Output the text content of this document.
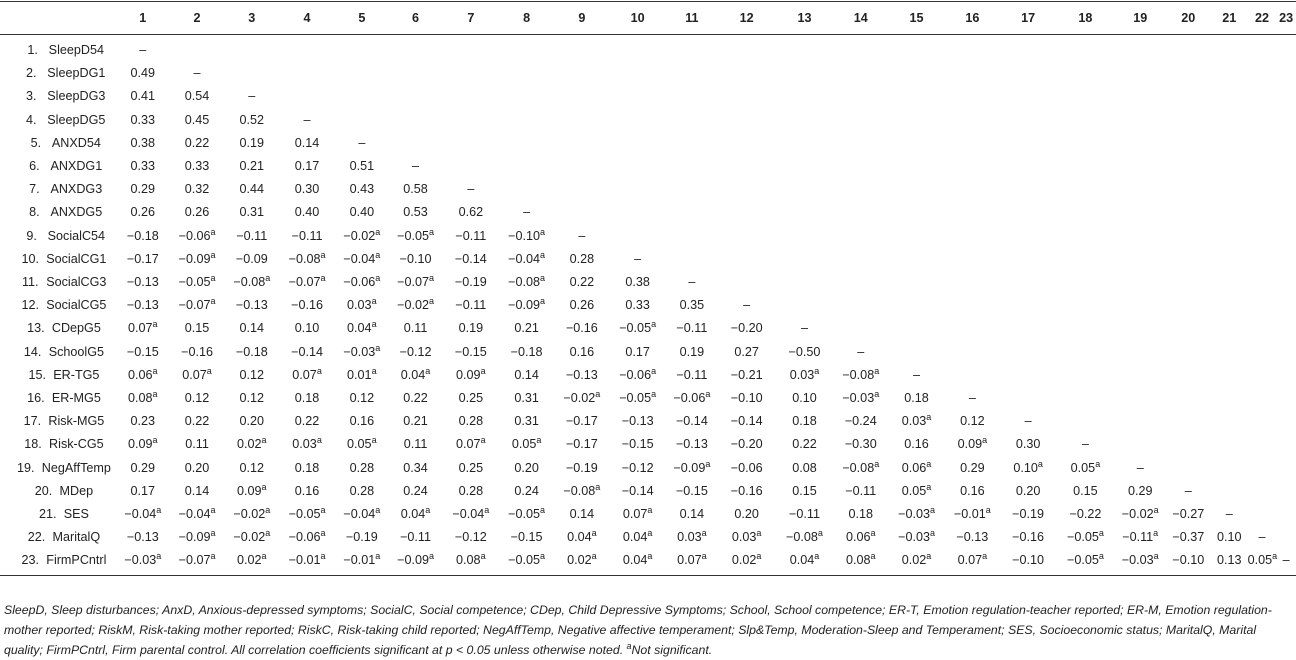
	1	2	3	4	5	6	7	8	9	10	11	12	13	14	15	16	17	18	19	20	21	22	23
1. SleepD54	–																						
2. SleepDG1	0.49	–																					
3. SleepDG3	0.41	0.54	–																				
4. SleepDG5	0.33	0.45	0.52	–																			
5. ANXD54	0.38	0.22	0.19	0.14	–																		
6. ANXDG1	0.33	0.33	0.21	0.17	0.51	–																	
7. ANXDG3	0.29	0.32	0.44	0.30	0.43	0.58	–																
8. ANXDG5	0.26	0.26	0.31	0.40	0.40	0.53	0.62	–															
9. SocialC54	−0.18	−0.06$^a$	−0.11	−0.11	−0.02$^a$	−0.05$^a$	−0.11	−0.10$^a$	–														
10. SocialCG1	−0.17	−0.09$^a$	−0.09	−0.08$^a$	−0.04$^a$	−0.10	−0.14	−0.04$^a$	0.28	–													
11. SocialCG3	−0.13	−0.05$^a$	−0.08$^a$	−0.07$^a$	−0.06$^a$	−0.07$^a$	−0.19	−0.08$^a$	0.22	0.38	–												
12. SocialCG5	−0.13	−0.07$^a$	−0.13	−0.16	0.03$^a$	−0.02$^a$	−0.11	−0.09$^a$	0.26	0.33	0.35	–											
13. CDepG5	0.07$^a$	0.15	0.14	0.10	0.04$^a$	0.11	0.19	0.21	−0.16	−0.05$^a$	−0.11	−0.20	–										
14. SchoolG5	−0.15	−0.16	−0.18	−0.14	−0.03$^a$	−0.12	−0.15	−0.18	0.16	0.17	0.19	0.27	−0.50	–									
15. ER-TG5	0.06$^a$	0.07$^a$	0.12	0.07$^a$	0.01$^a$	0.04$^a$	0.09$^a$	0.14	−0.13	−0.06$^a$	−0.11	−0.21	0.03$^a$	−0.08$^a$	–								
16. ER-MG5	0.08$^a$	0.12	0.12	0.18	0.12	0.22	0.25	0.31	−0.02$^a$	−0.05$^a$	−0.06$^a$	−0.10	0.10	−0.03$^a$	0.18	–							
17. Risk-MG5	0.23	0.22	0.20	0.22	0.16	0.21	0.28	0.31	−0.17	−0.13	−0.14	−0.14	0.18	−0.24	0.03$^a$	0.12	–						
18. Risk-CG5	0.09$^a$	0.11	0.02$^a$	0.03$^a$	0.05$^a$	0.11	0.07$^a$	0.05$^a$	−0.17	−0.15	−0.13	−0.20	0.22	−0.30	0.16	0.09$^a$	0.30	–					
19. NegAffTemp	0.29	0.20	0.12	0.18	0.28	0.34	0.25	0.20	−0.19	−0.12	−0.09$^a$	−0.06	0.08	−0.08$^a$	0.06$^a$	0.29	0.10$^a$	0.05$^a$	–				
20. MDep	0.17	0.14	0.09$^a$	0.16	0.28	0.24	0.28	0.24	−0.08$^a$	−0.14	−0.15	−0.16	0.15	−0.11	0.05$^a$	0.16	0.20	0.15	0.29	–			
21. SES	−0.04$^a$	−0.04$^a$	−0.02$^a$	−0.05$^a$	−0.04$^a$	0.04$^a$	−0.04$^a$	−0.05$^a$	0.14	0.07$^a$	0.14	0.20	−0.11	0.18	−0.03$^a$	−0.01$^a$	−0.19	−0.22	−0.02$^a$	−0.27	–		
22. MaritalQ	−0.13	−0.09$^a$	−0.02$^a$	−0.06$^a$	−0.19	−0.11	−0.12	−0.15	0.04$^a$	0.04$^a$	0.03$^a$	0.03$^a$	−0.08$^a$	0.06$^a$	−0.03$^a$	−0.13	−0.16	−0.05$^a$	−0.11$^a$	−0.37	0.10	–	
23. FirmPCntrl	−0.03$^a$	−0.07$^a$	0.02$^a$	−0.01$^a$	−0.01$^a$	−0.09$^a$	0.08$^a$	−0.05$^a$	0.02$^a$	0.04$^a$	0.07$^a$	0.02$^a$	0.04$^a$	0.08$^a$	0.02$^a$	0.07$^a$	−0.10	−0.05$^a$	−0.03$^a$	−0.10	0.13	0.05$^a$	–
SleepD, Sleep disturbances; AnxD, Anxious-depressed symptoms; SocialC, Social competence; CDep, Child Depressive Symptoms; School, School competence; ER-T, Emotion regulation-teacher reported; ER-M, Emotion regulation-mother reported; RiskM, Risk-taking mother reported; RiskC, Risk-taking child reported; NegAffTemp, Negative affective temperament; Slp&Temp, Moderation-Sleep and Temperament; SES, Socioeconomic status; MaritalQ, Marital quality; FirmPCntrl, Firm parental control. All correlation coefficients significant at p < 0.05 unless otherwise noted. $^a$Not significant.
